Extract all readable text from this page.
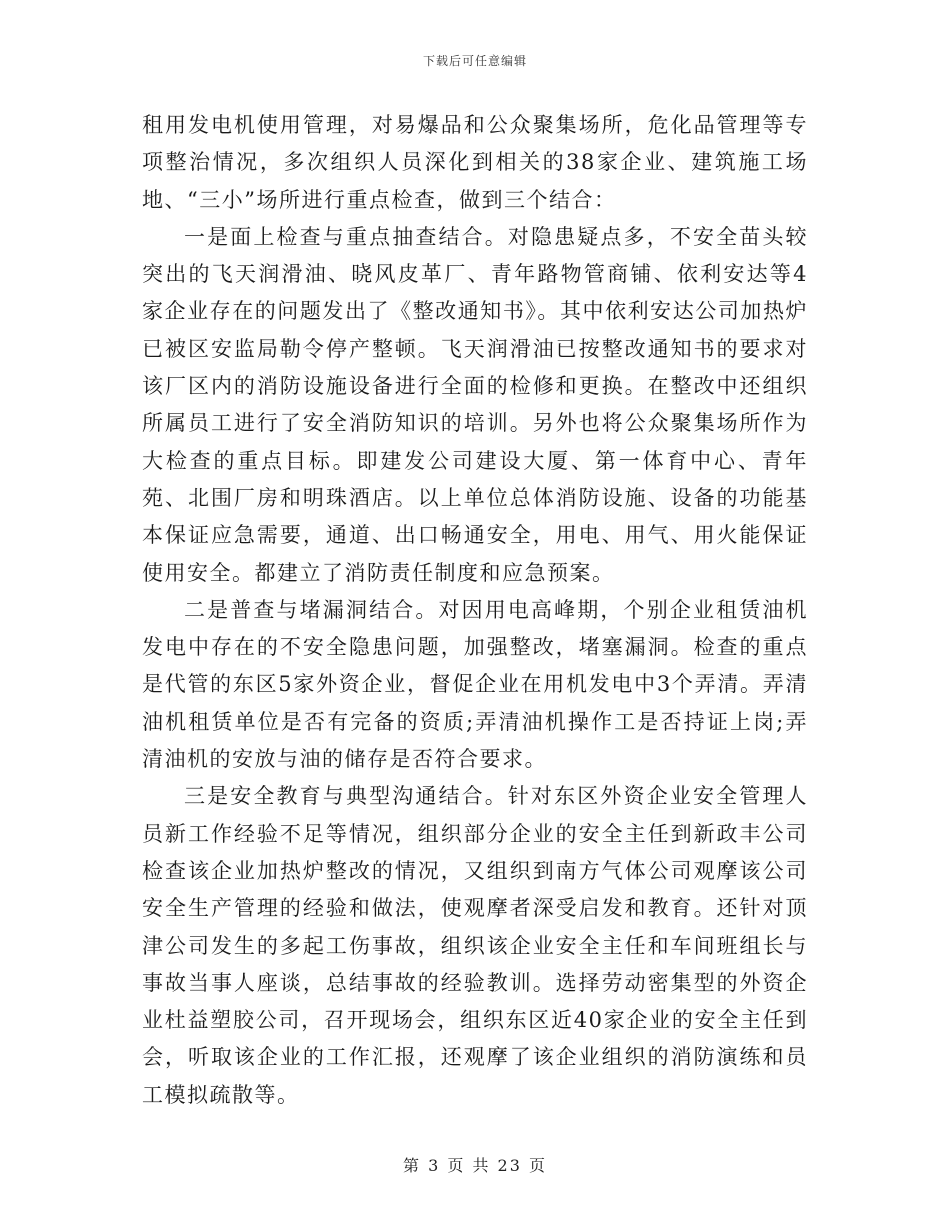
下载后可任意编辑

租用发电机使用管理，对易爆品和公众聚集场所，危化品管理等专项整治情况，多次组织人员深化到相关的38家企业、建筑施工场地、“三小”场所进行重点检查，做到三个结合：

一是面上检查与重点抽查结合。对隐患疑点多，不安全苗头较突出的飞天润滑油、晓风皮革厂、青年路物管商铺、依利安达等4家企业存在的问题发出了《整改通知书》。其中依利安达公司加热炉已被区安监局勒令停产整顿。飞天润滑油已按整改通知书的要求对该厂区内的消防设施设备进行全面的检修和更换。在整改中还组织所属员工进行了安全消防知识的培训。另外也将公众聚集场所作为大检查的重点目标。即建发公司建设大厦、第一体育中心、青年苑、北围厂房和明珠酒店。以上单位总体消防设施、设备的功能基本保证应急需要，通道、出口畅通安全，用电、用气、用火能保证使用安全。都建立了消防责任制度和应急预案。

二是普查与堵漏洞结合。对因用电高峰期，个别企业租赁油机发电中存在的不安全隐患问题，加强整改，堵塞漏洞。检查的重点是代管的东区5家外资企业，督促企业在用机发电中3个弄清。弄清油机租赁单位是否有完备的资质;弄清油机操作工是否持证上岗;弄清油机的安放与油的储存是否符合要求。

三是安全教育与典型沟通结合。针对东区外资企业安全管理人员新工作经验不足等情况，组织部分企业的安全主任到新政丰公司检查该企业加热炉整改的情况，又组织到南方气体公司观摩该公司安全生产管理的经验和做法，使观摩者深受启发和教育。还针对顶津公司发生的多起工伤事故，组织该企业安全主任和车间班组长与事故当事人座谈，总结事故的经验教训。选择劳动密集型的外资企业杜益塑胶公司，召开现场会，组织东区近40家企业的安全主任到会，听取该企业的工作汇报，还观摩了该企业组织的消防演练和员工模拟疏散等。

第 3 页 共 23 页
